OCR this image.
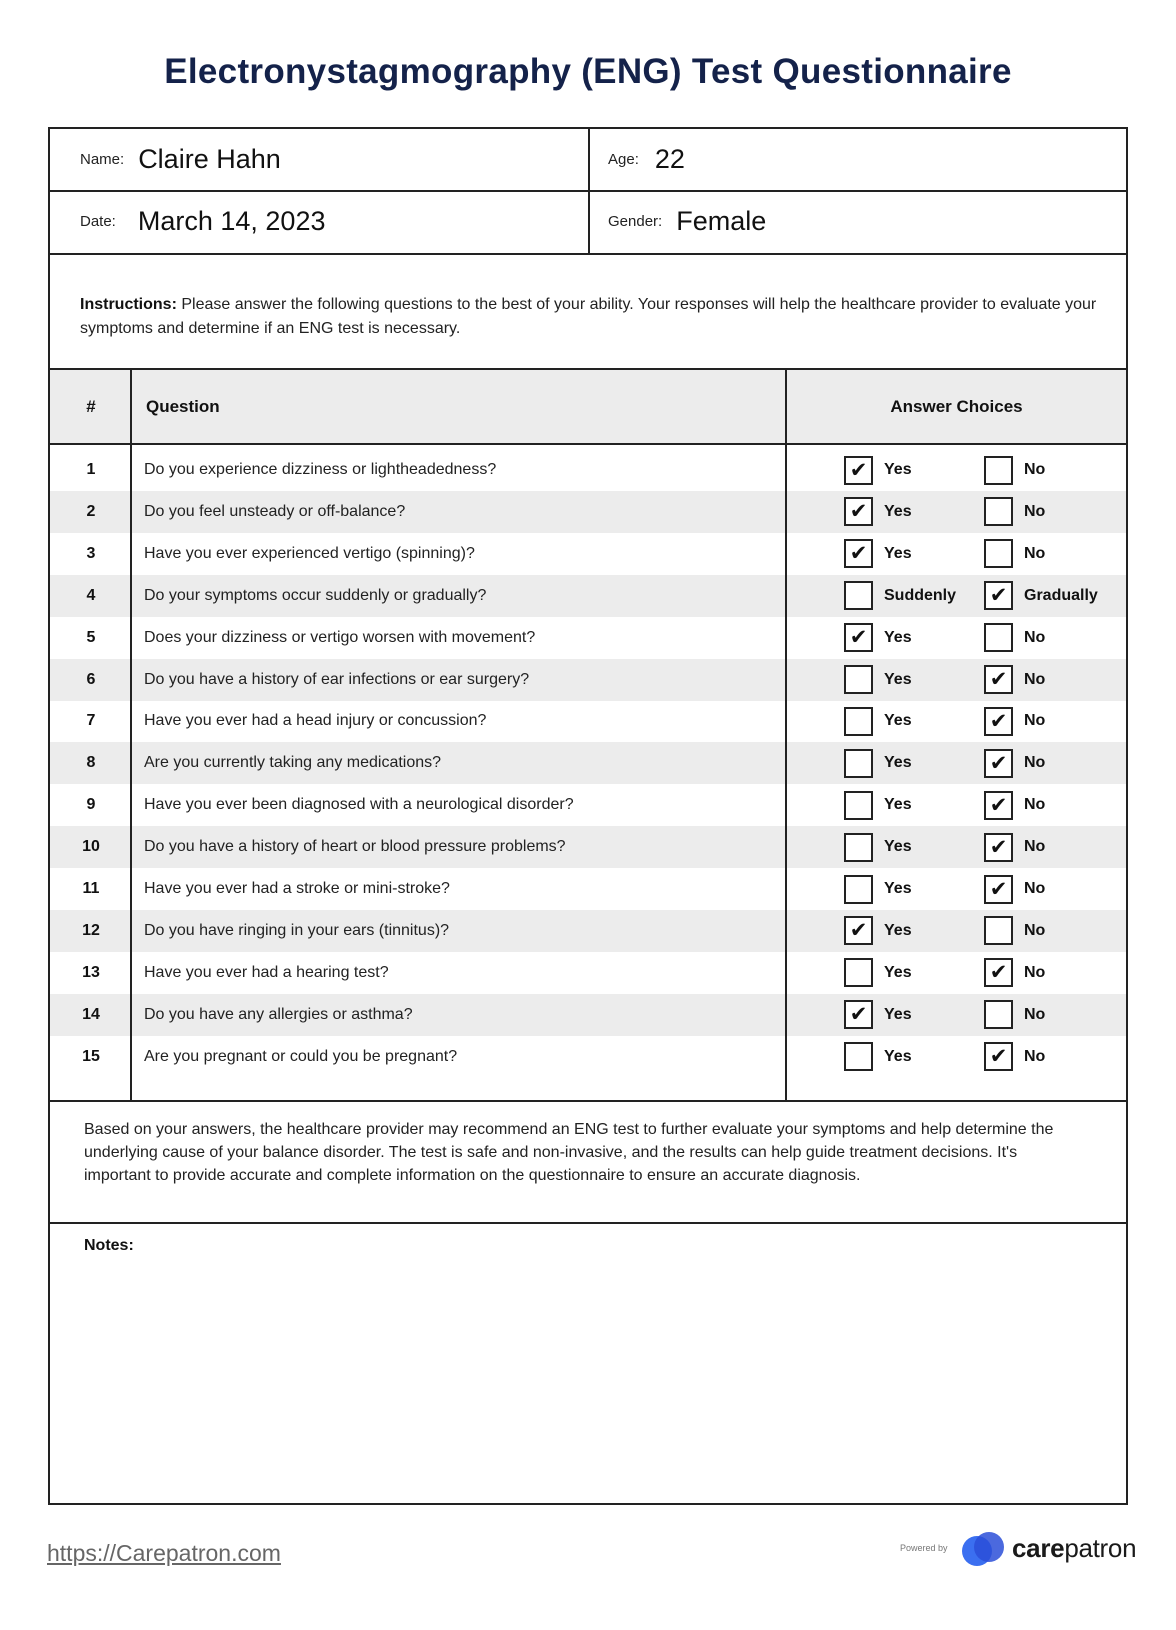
Electronystagmography (ENG) Test Questionnaire
Name: Claire Hahn	Age: 22
Date: March 14, 2023	Gender: Female
Instructions: Please answer the following questions to the best of your ability. Your responses will help the healthcare provider to evaluate your symptoms and determine if an ENG test is necessary.
#	Question	Answer Choices
1	Do you experience dizziness or lightheadedness?	✔ Yes	No
2	Do you feel unsteady or off-balance?	✔ Yes	No
3	Have you ever experienced vertigo (spinning)?	✔ Yes	No
4	Do your symptoms occur suddenly or gradually?	Suddenly ✔ Gradually
5	Does your dizziness or vertigo worsen with movement?	✔ Yes	No
6	Do you have a history of ear infections or ear surgery?	Yes	✔ No
7	Have you ever had a head injury or concussion?	Yes	✔ No
8	Are you currently taking any medications?	Yes	✔ No
9	Have you ever been diagnosed with a neurological disorder?	Yes	✔ No
10	Do you have a history of heart or blood pressure problems?	Yes	✔ No
11	Have you ever had a stroke or mini-stroke?	Yes	✔ No
12	Do you have ringing in your ears (tinnitus)?	✔ Yes	No
13	Have you ever had a hearing test?	Yes	✔ No
14	Do you have any allergies or asthma?	✔ Yes	No
15	Are you pregnant or could you be pregnant?	Yes	✔ No
Based on your answers, the healthcare provider may recommend an ENG test to further evaluate your symptoms and help determine the underlying cause of your balance disorder. The test is safe and non-invasive, and the results can help guide treatment decisions. It's important to provide accurate and complete information on the questionnaire to ensure an accurate diagnosis.
Notes:
https://Carepatron.com	Powered by carepatron
